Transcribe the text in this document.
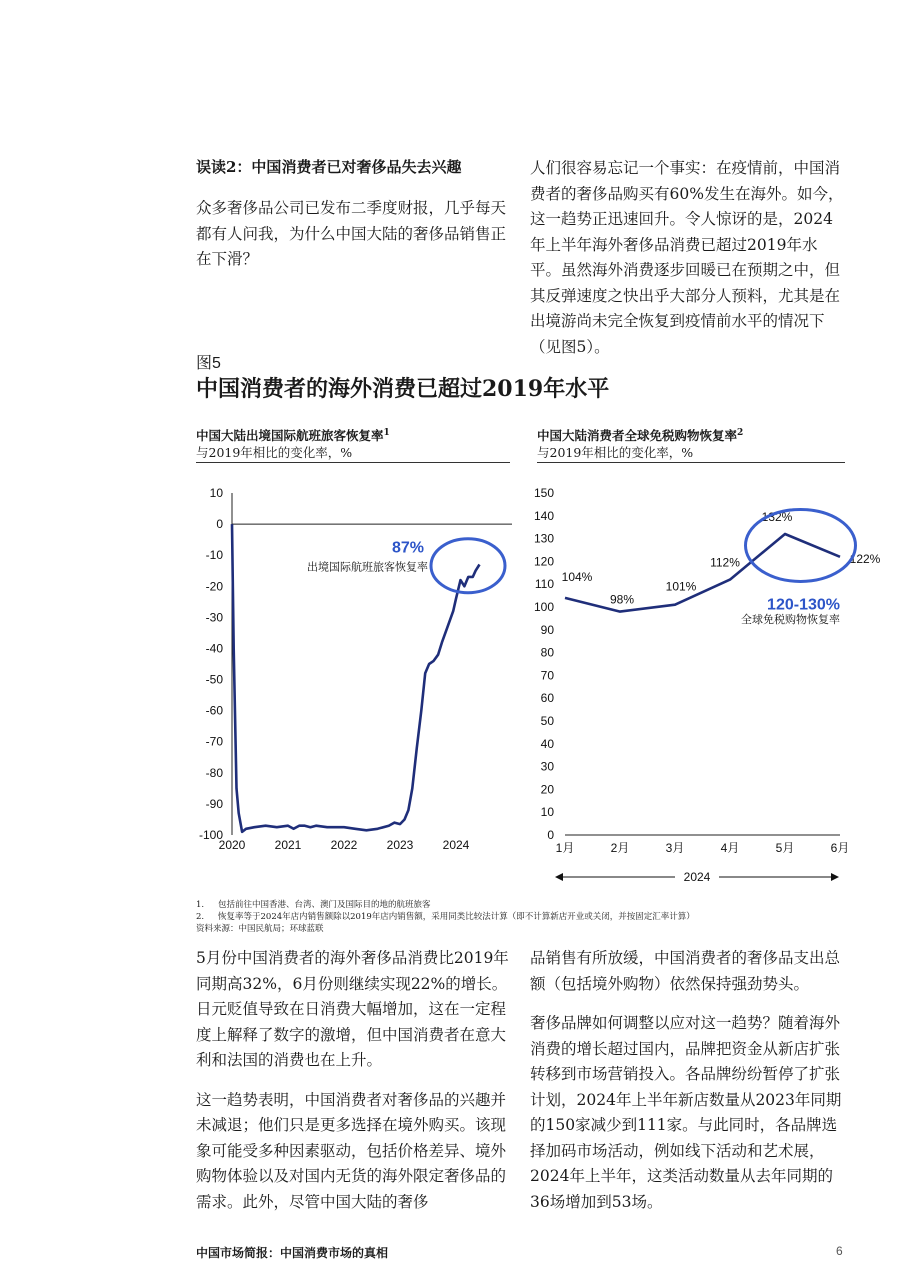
误读2：中国消费者已对奢侈品失去兴趣
众多奢侈品公司已发布二季度财报，几乎每天都有人问我，为什么中国大陆的奢侈品销售正在下滑？
人们很容易忘记一个事实：在疫情前，中国消费者的奢侈品购买有60%发生在海外。如今，这一趋势正迅速回升。令人惊讶的是，2024年上半年海外奢侈品消费已超过2019年水平。虽然海外消费逐步回暖已在预期之中，但其反弹速度之快出乎大部分人预料，尤其是在出境游尚未完全恢复到疫情前水平的情况下（见图5）。
图5
中国消费者的海外消费已超过2019年水平
中国大陆出境国际航班旅客恢复率$^1$
与2019年相比的变化率，%
中国大陆消费者全球免税购物恢复率$^2$
与2019年相比的变化率，%
10
0
-10
-20
-30
-40
-50
-60
-70
-80
-90
-100
2020 2021 2022 2023 2024
87%
出境国际航班旅客恢复率
150
140
130
120
110
100
90
80
70
60
50
40
30
20
10
0
1月	2月	3月	4月	5月	6月
104%
98%
101%
112%
132%
122%
120-130%
全球免税购物恢复率
2024
1. 包括前往中国香港、台湾、澳门及国际目的地的航班旅客
2. 恢复率等于2024年店内销售额除以2019年店内销售额，采用同类比较法计算（即不计算新店开业或关闭，并按固定汇率计算）
资料来源：中国民航局；环球蓝联
5月份中国消费者的海外奢侈品消费比2019年同期高32%，6月份则继续实现22%的增长。日元贬值导致在日消费大幅增加，这在一定程度上解释了数字的激增，但中国消费者在意大利和法国的消费也在上升。
这一趋势表明，中国消费者对奢侈品的兴趣并未减退；他们只是更多选择在境外购买。该现象可能受多种因素驱动，包括价格差异、境外购物体验以及对国内无货的海外限定奢侈品的需求。此外，尽管中国大陆的奢侈
品销售有所放缓，中国消费者的奢侈品支出总额（包括境外购物）依然保持强劲势头。
奢侈品牌如何调整以应对这一趋势？随着海外消费的增长超过国内，品牌把资金从新店扩张转移到市场营销投入。各品牌纷纷暂停了扩张计划，2024年上半年新店数量从2023年同期的150家减少到111家。与此同时，各品牌选择加码市场活动，例如线下活动和艺术展，2024年上半年，这类活动数量从去年同期的36场增加到53场。
中国市场简报：中国消费市场的真相	6
